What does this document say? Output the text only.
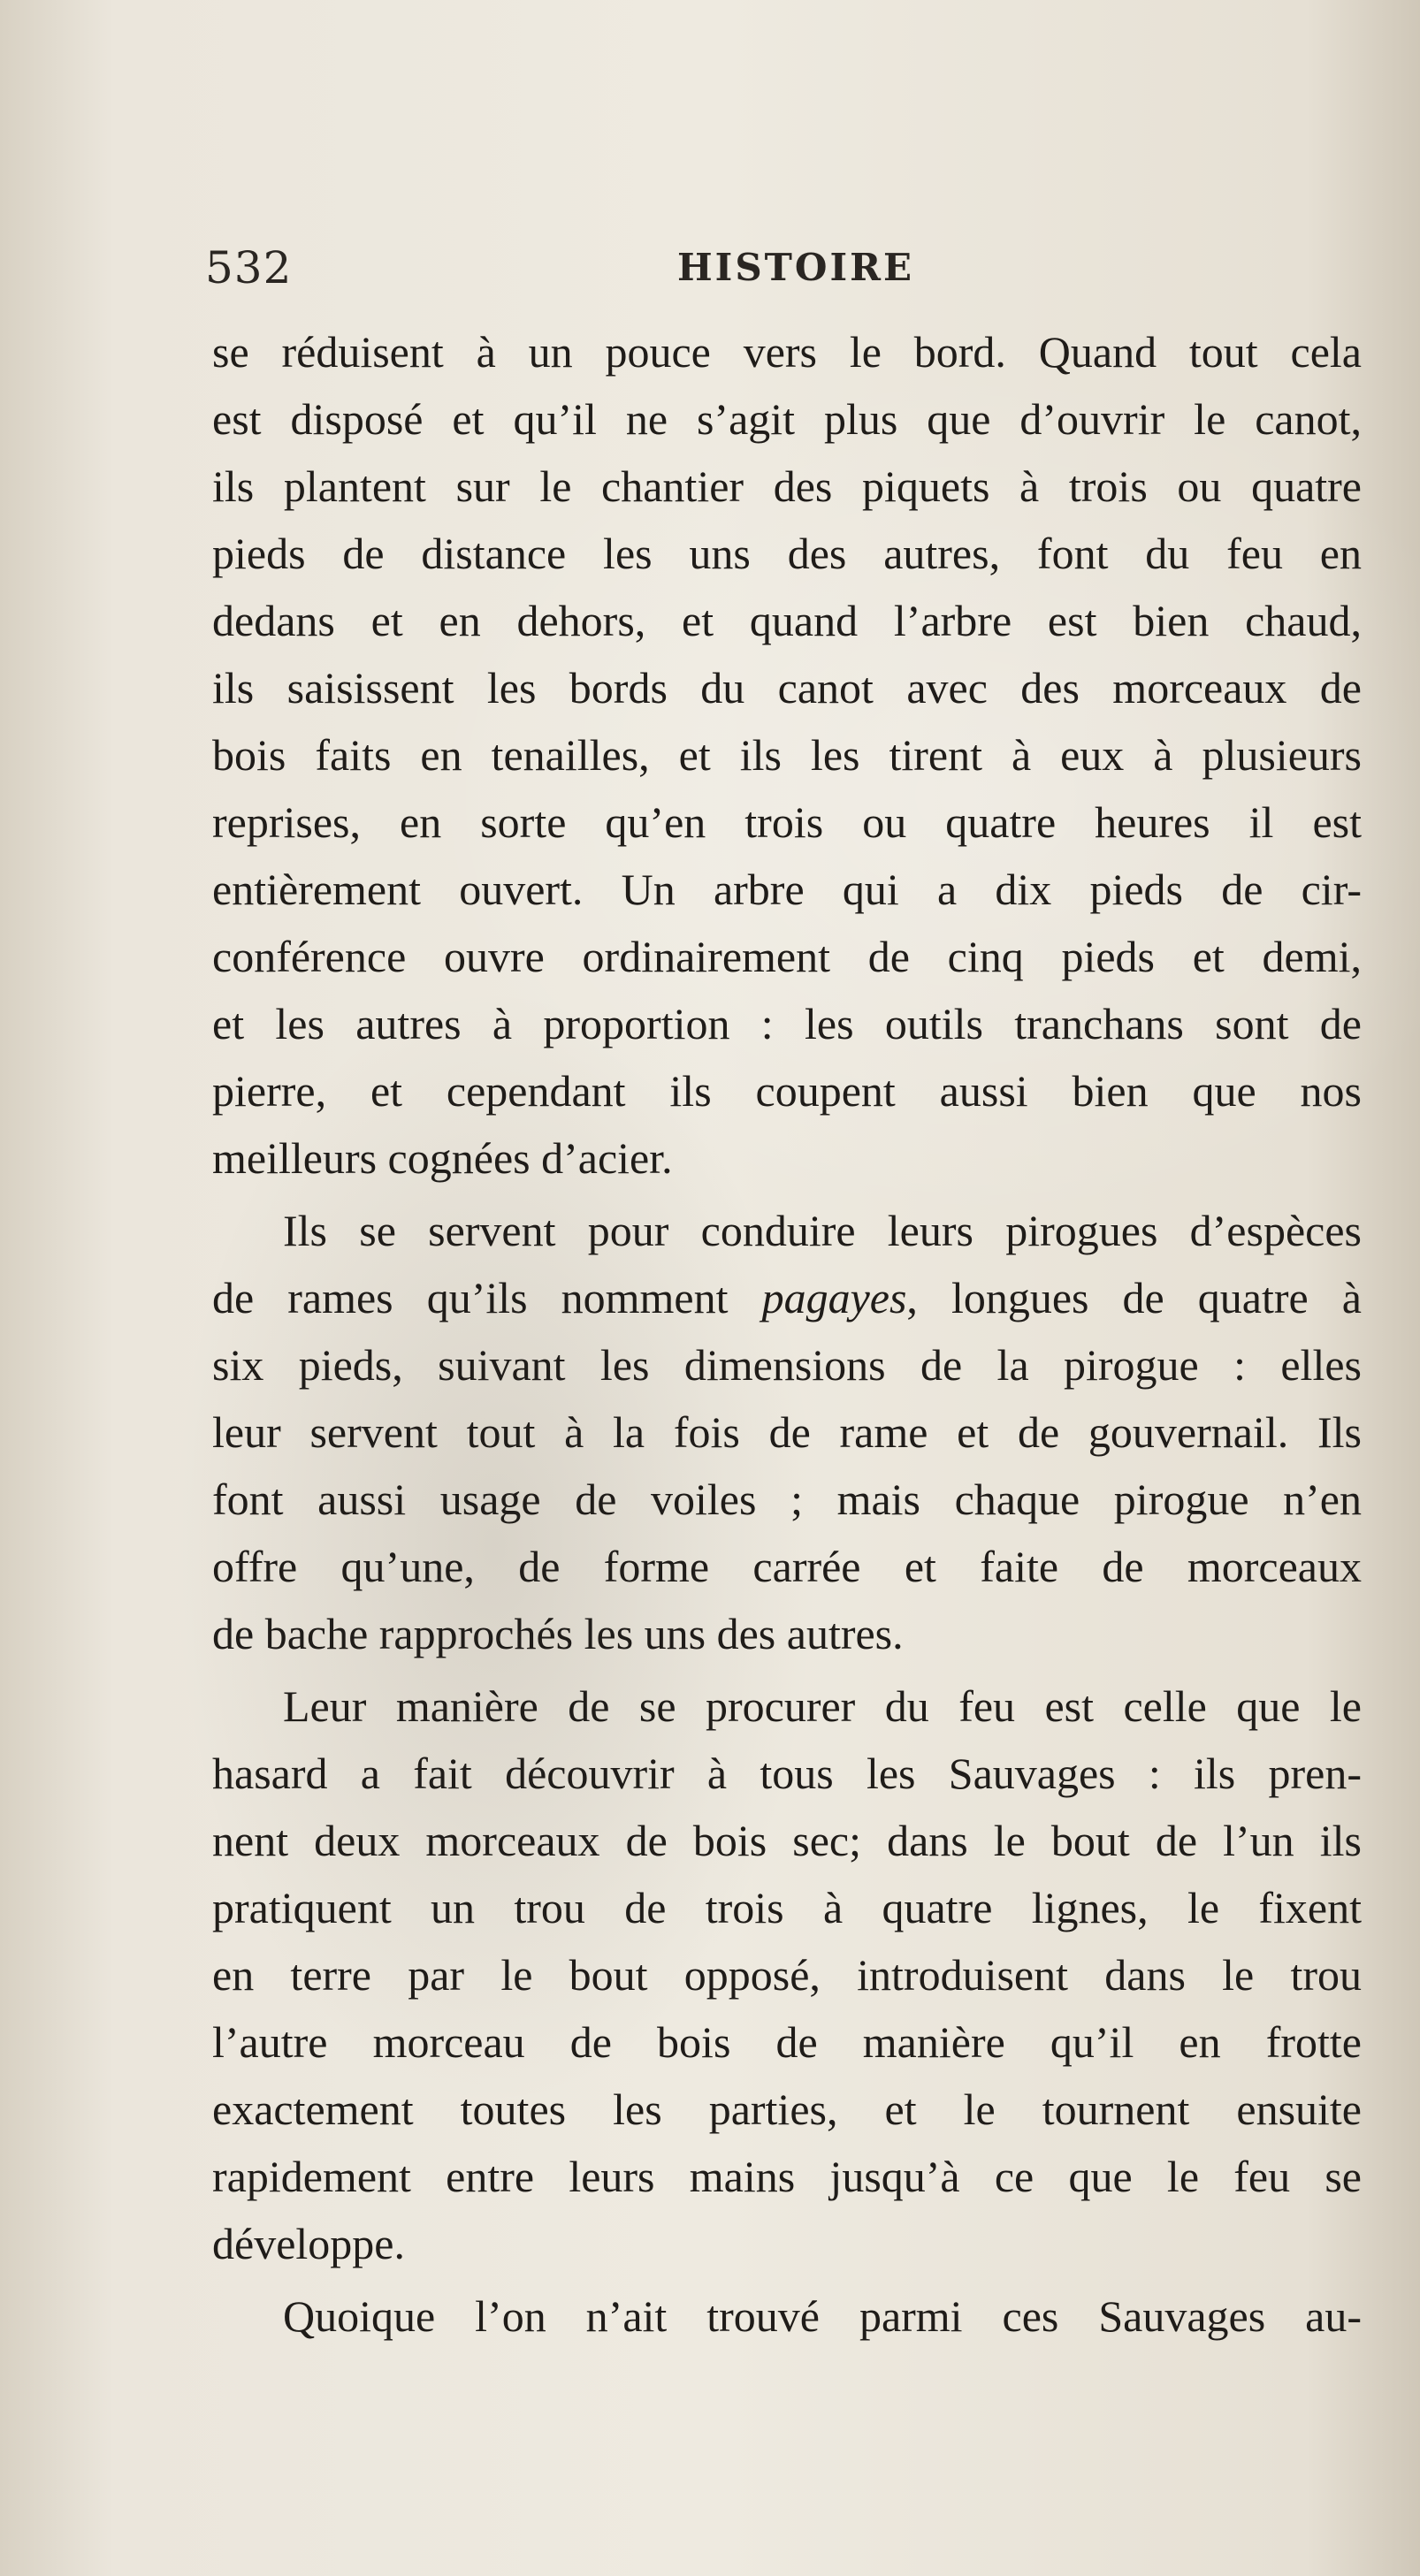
532	HISTOIRE
se réduisent à un pouce vers le bord. Quand tout cela
est disposé et qu’il ne s’agit plus que d’ouvrir le canot,
ils plantent sur le chantier des piquets à trois ou quatre
pieds de distance les uns des autres, font du feu en
dedans et en dehors, et quand l’arbre est bien chaud,
ils saisissent les bords du canot avec des morceaux de
bois faits en tenailles, et ils les tirent à eux à plusieurs
reprises, en sorte qu’en trois ou quatre heures il est
entièrement ouvert. Un arbre qui a dix pieds de cir-
conférence ouvre ordinairement de cinq pieds et demi,
et les autres à proportion : les outils tranchans sont de
pierre, et cependant ils coupent aussi bien que nos
meilleurs cognées d’acier.
Ils se servent pour conduire leurs pirogues d’espèces
de rames qu’ils nomment pagayes, longues de quatre à
six pieds, suivant les dimensions de la pirogue : elles
leur servent tout à la fois de rame et de gouvernail. Ils
font aussi usage de voiles ; mais chaque pirogue n’en
offre qu’une, de forme carrée et faite de morceaux
de bache rapprochés les uns des autres.
Leur manière de se procurer du feu est celle que le
hasard a fait découvrir à tous les Sauvages : ils pren-
nent deux morceaux de bois sec; dans le bout de l’un ils
pratiquent un trou de trois à quatre lignes, le fixent
en terre par le bout opposé, introduisent dans le trou
l’autre morceau de bois de manière qu’il en frotte
exactement toutes les parties, et le tournent ensuite
rapidement entre leurs mains jusqu’à ce que le feu se
développe.
Quoique l’on n’ait trouvé parmi ces Sauvages au-
